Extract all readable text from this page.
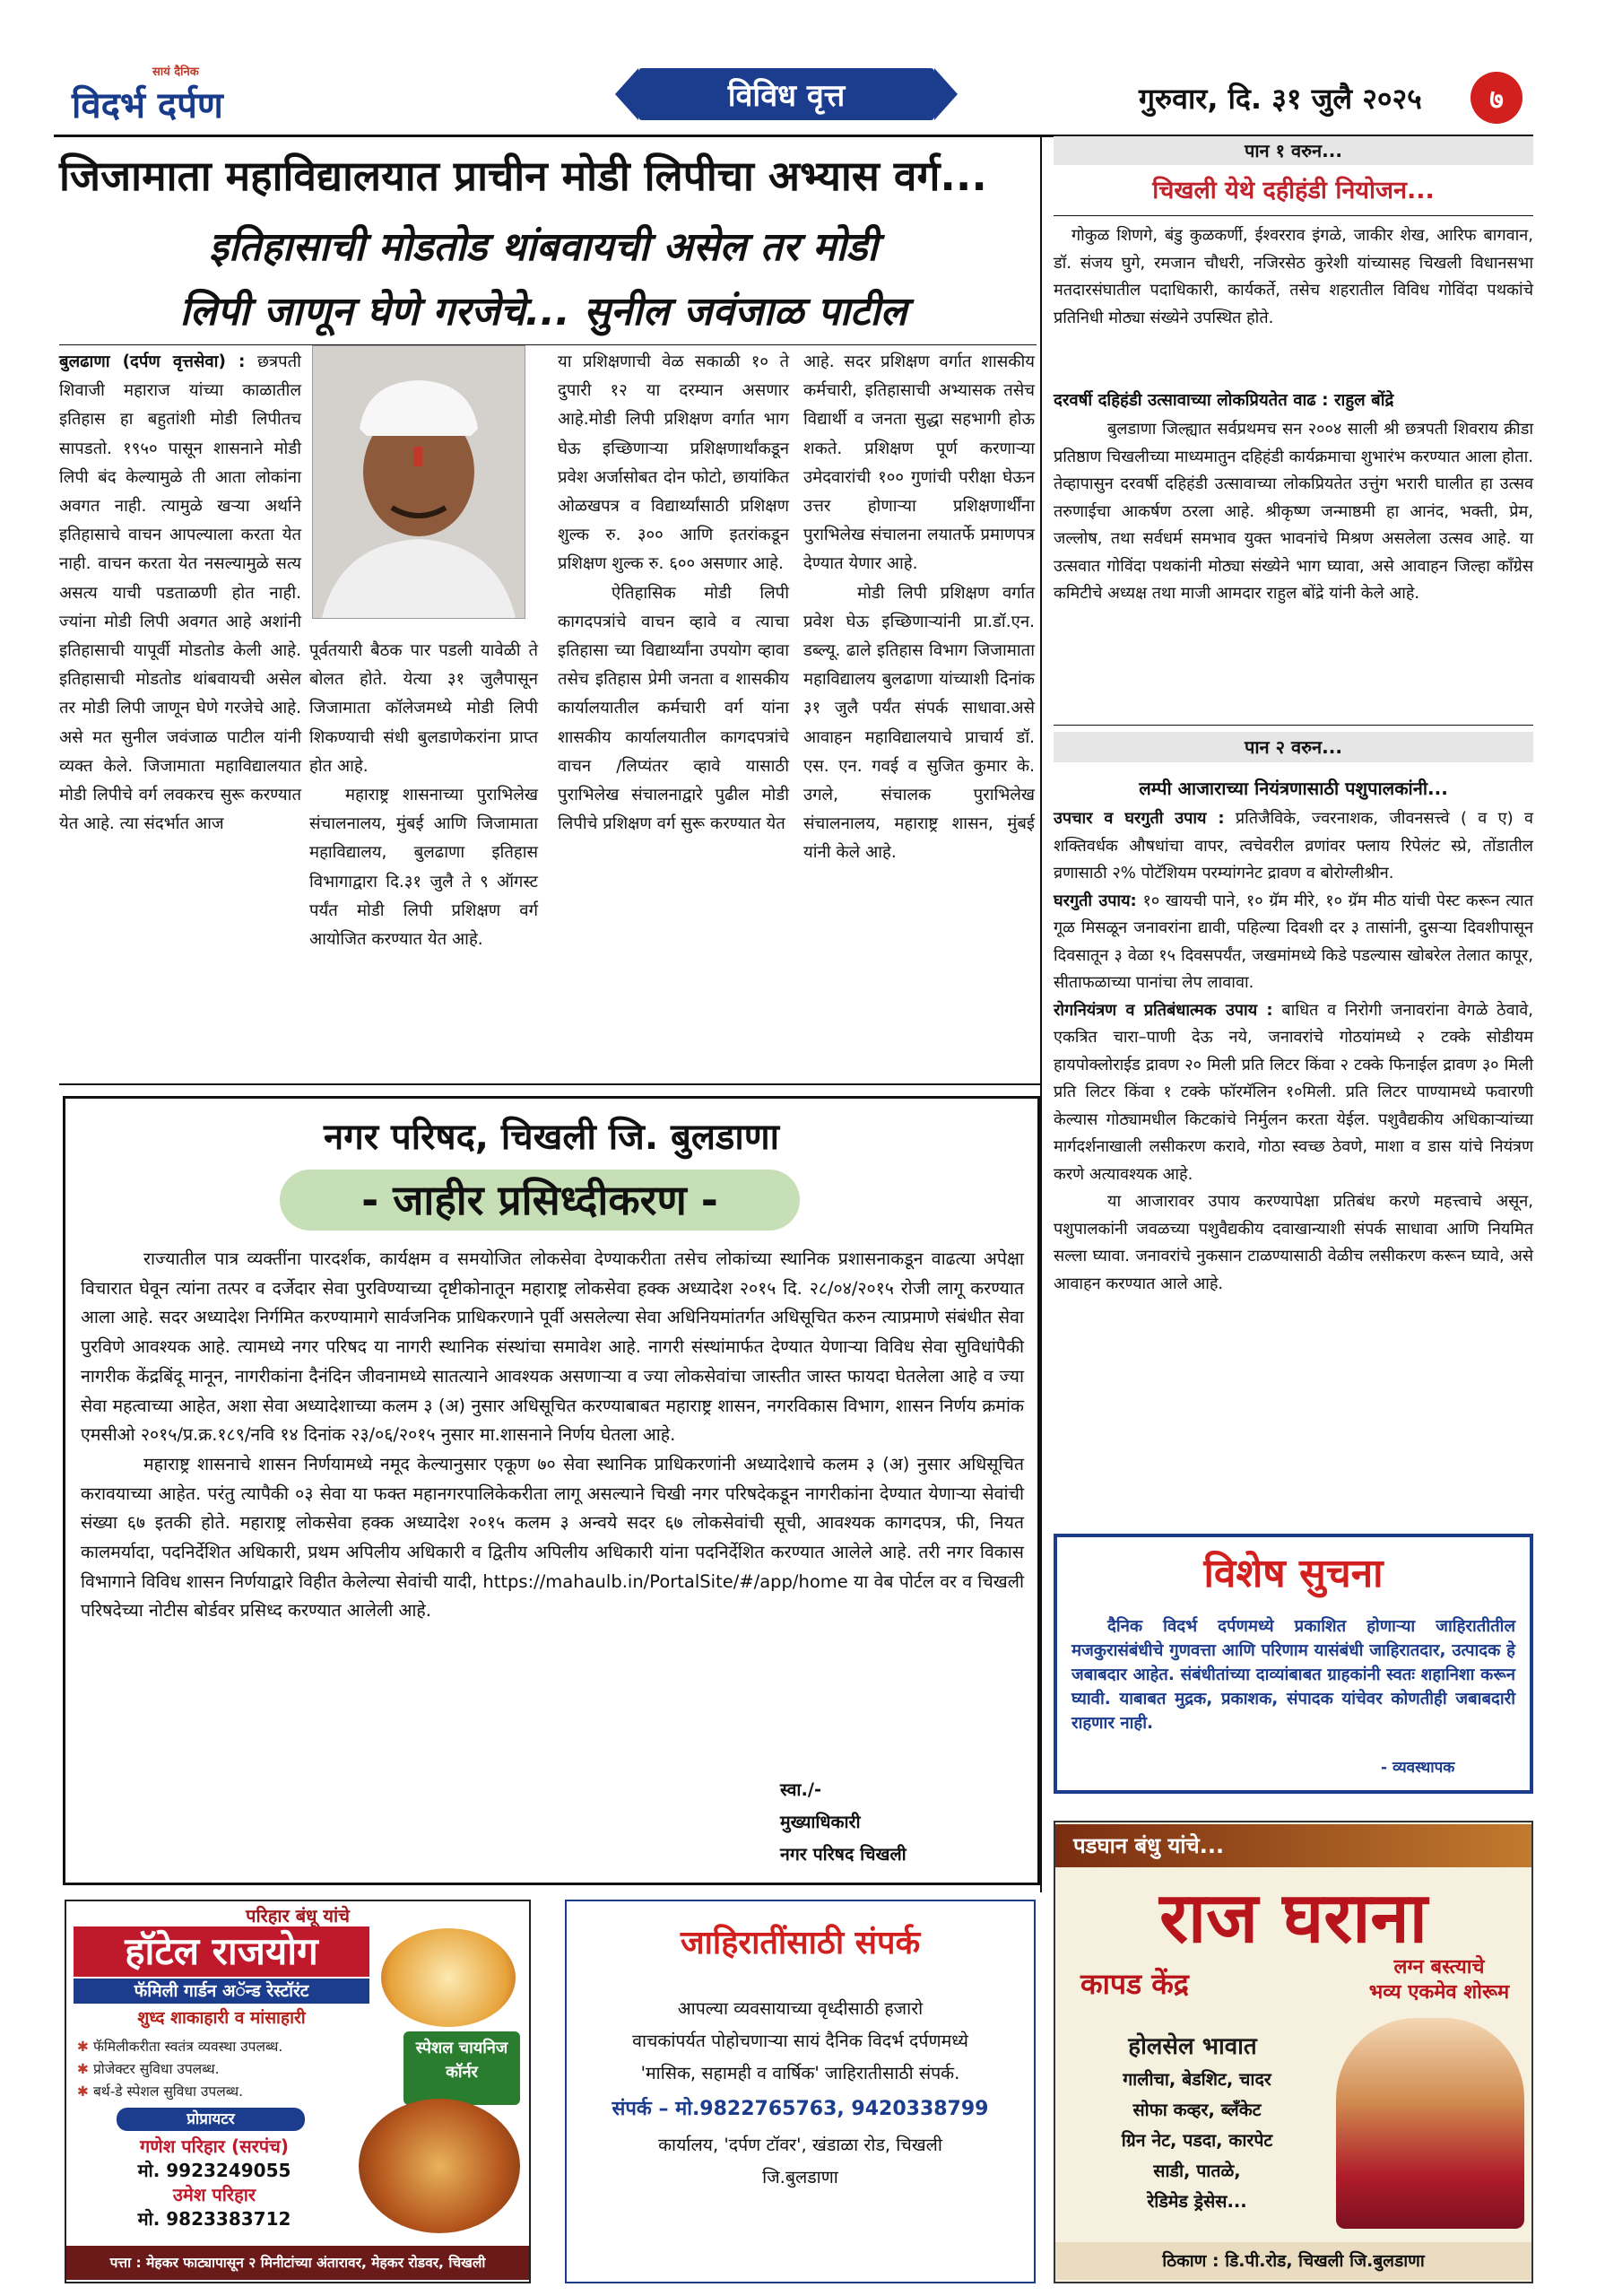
सायं दैनिक
विदर्भ दर्पण	विविध वृत्त	गुरुवार, दि. ३१ जुलै २०२५	७
जिजामाता महाविद्यालयात प्राचीन मोडी लिपीचा अभ्यास वर्ग...
इतिहासाची मोडतोड थांबवायची असेल तर मोडी
लिपी जाणून घेणे गरजेचे... सुनील जवंजाळ पाटील
बुलढाणा (दर्पण वृत्तसेवा) : छत्रपती शिवाजी महाराज यांच्या काळातील इतिहास हा बहुतांशी मोडी लिपीतच सापडतो. १९५० पासून शासनाने मोडी लिपी बंद केल्यामुळे ती आता लोकांना अवगत नाही. त्यामुळे खऱ्या अर्थाने इतिहासाचे वाचन आपल्याला करता येत नाही. वाचन करता येत नसल्यामुळे सत्य असत्य याची पडताळणी होत नाही. ज्यांना मोडी लिपी अवगत आहे अशांनी इतिहासाची यापूर्वी मोडतोड केली आहे. इतिहासाची मोडतोड थांबवायची असेल तर मोडी लिपी जाणून घेणे गरजेचे आहे. असे मत सुनील जवंजाळ पाटील यांनी व्यक्त केले. जिजामाता महाविद्यालयात मोडी लिपीचे वर्ग लवकरच सुरू करण्यात येत आहे. त्या संदर्भात आज
पूर्वतयारी बैठक पार पडली यावेळी ते बोलत होते. येत्या ३१ जुलैपासून जिजामाता कॉलेजमध्ये मोडी लिपी शिकण्याची संधी बुलडाणेकरांना प्राप्त होत आहे.
महाराष्ट्र शासनाच्या पुराभिलेख संचालनालय, मुंबई आणि जिजामाता महाविद्यालय, बुलढाणा इतिहास विभागाद्वारा दि.३१ जुलै ते ९ ऑगस्ट पर्यंत मोडी लिपी प्रशिक्षण वर्ग आयोजित करण्यात येत आहे.
या प्रशिक्षणाची वेळ सकाळी १० ते दुपारी १२ या दरम्यान असणार आहे.मोडी लिपी प्रशिक्षण वर्गात भाग घेऊ इच्छिणाऱ्या प्रशिक्षणार्थांकडून प्रवेश अर्जासोबत दोन फोटो, छायांकित ओळखपत्र व विद्यार्थ्यांसाठी प्रशिक्षण शुल्क रु. ३०० आणि इतरांकडून प्रशिक्षण शुल्क रु. ६०० असणार आहे.
ऐतिहासिक मोडी लिपी कागदपत्रांचे वाचन व्हावे व त्याचा इतिहासा च्या विद्यार्थ्यांना उपयोग व्हावा तसेच इतिहास प्रेमी जनता व शासकीय कार्यालयातील कर्मचारी वर्ग यांना शासकीय कार्यालयातील कागदपत्रांचे वाचन /लिप्यंतर व्हावे यासाठी पुराभिलेख संचालनाद्वारे पुढील मोडी लिपीचे प्रशिक्षण वर्ग सुरू करण्यात येत
आहे. सदर प्रशिक्षण वर्गात शासकीय कर्मचारी, इतिहासाची अभ्यासक तसेच विद्यार्थी व जनता सुद्धा सहभागी होऊ शकते. प्रशिक्षण पूर्ण करणाऱ्या उमेदवारांची १०० गुणांची परीक्षा घेऊन उत्तर होणाऱ्या प्रशिक्षणार्थींना पुराभिलेख संचालना लयातर्फे प्रमाणपत्र देण्यात येणार आहे.
मोडी लिपी प्रशिक्षण वर्गात प्रवेश घेऊ इच्छिणाऱ्यांनी प्रा.डॉ.एन. डब्ल्यू. ढाले इतिहास विभाग जिजामाता महाविद्यालय बुलढाणा यांच्याशी दिनांक ३१ जुलै पर्यंत संपर्क साधावा.असे आवाहन महाविद्यालयाचे प्राचार्य डॉ. एस. एन. गवई व सुजित कुमार के. उगले, संचालक पुराभिलेख संचालनालय, महाराष्ट्र शासन, मुंबई यांनी केले आहे.
नगर परिषद, चिखली जि. बुलडाणा
- जाहीर प्रसिध्दीकरण -

राज्यातील पात्र व्यक्तींना पारदर्शक, कार्यक्षम व समयोजित लोकसेवा देण्याकरीता तसेच लोकांच्या स्थानिक प्रशासनाकडून वाढत्या अपेक्षा विचारात घेवून त्यांना तत्पर व दर्जेदार सेवा पुरविण्याच्या दृष्टीकोनातून महाराष्ट्र लोकसेवा हक्क अध्यादेश २०१५ दि. २८/०४/२०१५ रोजी लागू करण्यात आला आहे. सदर अध्यादेश निर्गमित करण्यामागे सार्वजनिक प्राधिकरणाने पूर्वी असलेल्या सेवा अधिनियमांतर्गत अधिसूचित करुन त्याप्रमाणे संबंधीत सेवा पुरविणे आवश्यक आहे. त्यामध्ये नगर परिषद या नागरी स्थानिक संस्थांचा समावेश आहे. नागरी संस्थांमार्फत देण्यात येणाऱ्या विविध सेवा सुविधांपैकी नागरीक केंद्रबिंदू मानून, नागरीकांना दैनंदिन जीवनामध्ये सातत्याने आवश्यक असणाऱ्या व ज्या लोकसेवांचा जास्तीत जास्त फायदा घेतलेला आहे व ज्या सेवा महत्वाच्या आहेत, अशा सेवा अध्यादेशाच्या कलम ३ (अ) नुसार अधिसूचित करण्याबाबत महाराष्ट्र शासन, नगरविकास विभाग, शासन निर्णय क्रमांक एमसीओ २०१५/प्र.क्र.१८९/नवि १४ दिनांक २३/०६/२०१५ नुसार मा.शासनाने निर्णय घेतला आहे.

महाराष्ट्र शासनाचे शासन निर्णयामध्ये नमूद केल्यानुसार एकूण ७० सेवा स्थानिक प्राधिकरणांनी अध्यादेशाचे कलम ३ (अ) नुसार अधिसूचित करावयाच्या आहेत. परंतु त्यापैकी ०३ सेवा या फक्त महानगरपालिकेकरीता लागू असल्याने चिखी नगर परिषदेकडून नागरीकांना देण्यात येणाऱ्या सेवांची संख्या ६७ इतकी होते. महाराष्ट्र लोकसेवा हक्क अध्यादेश २०१५ कलम ३ अन्वये सदर ६७ लोकसेवांची सूची, आवश्यक कागदपत्र, फी, नियत कालमर्यादा, पदनिर्देशित अधिकारी, प्रथम अपिलीय अधिकारी व द्वितीय अपिलीय अधिकारी यांना पदनिर्देशित करण्यात आलेले आहे. तरी नगर विकास विभागाने विविध शासन निर्णयाद्वारे विहीत केलेल्या सेवांची यादी, https://mahaulb.in/PortalSite/#/app/home या वेब पोर्टल वर व चिखली परिषदेच्या नोटीस बोर्डवर प्रसिध्द करण्यात आलेली आहे.

स्वा./-
मुख्याधिकारी
नगर परिषद चिखली
पान १ वरुन...
चिखली येथे दहीहंडी नियोजन...
गोकुळ शिणगे, बंडु कुळकर्णी, ईश्वरराव इंगळे, जाकीर शेख, आरिफ बागवान, डॉ. संजय घुगे, रमजान चौधरी, नजिरसेठ कुरेशी यांच्यासह चिखली विधानसभा मतदारसंघातील पदाधिकारी, कार्यकर्ते, तसेच शहरातील विविध गोविंदा पथकांचे प्रतिनिधी मोठ्या संख्येने उपस्थित होते.
दरवर्षी दहिहंडी उत्सावाच्या लोकप्रियतेत वाढ : राहुल बोंद्रे
बुलडाणा जिल्ह्यात सर्वप्रथमच सन २००४ साली श्री छत्रपती शिवराय क्रीडा प्रतिष्ठाण चिखलीच्या माध्यमातुन दहिहंडी कार्यक्रमाचा शुभारंभ करण्यात आला होता. तेव्हापासुन दरवर्षी दहिहंडी उत्सावाच्या लोकप्रियतेत उत्तुंग भरारी घालीत हा उत्सव तरुणाईचा आकर्षण ठरला आहे. श्रीकृष्ण जन्माष्ठमी हा आनंद, भक्ती, प्रेम, जल्लोष, तथा सर्वधर्म समभाव युक्त भावनांचे मिश्रण असलेला उत्सव आहे. या उत्सवात गोविंदा पथकांनी मोठ्या संख्येने भाग घ्यावा, असे आवाहन जिल्हा कॉंग्रेस कमिटीचे अध्यक्ष तथा माजी आमदार राहुल बोंद्रे यांनी केले आहे.
पान २ वरुन...
लम्पी आजाराच्या नियंत्रणासाठी पशुपालकांनी...

उपचार व घरगुती उपाय : प्रतिजैविके, ज्वरनाशक, जीवनसत्त्वे ( व ए) व शक्तिवर्धक औषधांचा वापर, त्वचेवरील व्रणांवर फ्लाय रिपेलंट स्प्रे, तोंडातील व्रणासाठी २% पोटॅशियम परम्यांगनेट द्रावण व बोरोग्लीश्रीन.

घरगुती उपाय: १० खायची पाने, १० ग्रॅम मीरे, १० ग्रॅम मीठ यांची पेस्ट करून त्यात गूळ मिसळून जनावरांना द्यावी, पहिल्या दिवशी दर ३ तासांनी, दुसऱ्या दिवशीपासून दिवसातून ३ वेळा १५ दिवसपर्यंत, जखमांमध्ये किडे पडल्यास खोबरेल तेलात कापूर, सीताफळाच्या पानांचा लेप लावावा.

रोगनियंत्रण व प्रतिबंधात्मक उपाय : बाधित व निरोगी जनावरांना वेगळे ठेवावे, एकत्रित चारा–पाणी देऊ नये, जनावरांचे गोठयांमध्ये २ टक्के सोडीयम हायपोक्लोराईड द्रावण २० मिली प्रति लिटर किंवा २ टक्के फिनाईल द्रावण ३० मिली प्रति लिटर किंवा १ टक्के फॉरमॅलिन १०मिली. प्रति लिटर पाण्यामध्ये फवारणी केल्यास गोठ्यामधील किटकांचे निर्मुलन करता येईल. पशुवैद्यकीय अधिकाऱ्यांच्या मार्गदर्शनाखाली लसीकरण करावे, गोठा स्वच्छ ठेवणे, माशा व डास यांचे नियंत्रण करणे अत्यावश्यक आहे.

या आजारावर उपाय करण्यापेक्षा प्रतिबंध करणे महत्त्वाचे असून, पशुपालकांनी जवळच्या पशुवैद्यकीय दवाखान्याशी संपर्क साधावा आणि नियमित सल्ला घ्यावा. जनावरांचे नुकसान टाळण्यासाठी वेळीच लसीकरण करून घ्यावे, असे आवाहन करण्यात आले आहे.

विशेष सुचना
दैनिक विदर्भ दर्पणमध्ये प्रकाशित होणाऱ्या जाहिरातीतील मजकुरासंबंधीचे गुणवत्ता आणि परिणाम यासंबंधी जाहिरातदार, उत्पादक हे जबाबदार आहेत. संबंधीतांच्या दाव्यांबाबत ग्राहकांनी स्वतः शहानिशा करून घ्यावी. याबाबत मुद्रक, प्रकाशक, संपादक यांचेवर कोणतीही जबाबदारी राहणार नाही.
- व्यवस्थापक
परिहार बंधू यांचे
हॉटेल राजयोग
फॅमिली गार्डन अॅन्ड रेस्टॉरंट
शुध्द शाकाहारी व मांसाहारी
स्पेशल चायनिज कॉर्नर
✱ फॅमिलीकरीता स्वतंत्र व्यवस्था उपलब्ध.
✱ प्रोजेक्टर सुविधा उपलब्ध.
✱ बर्थ-डे स्पेशल सुविधा उपलब्ध.
प्रोप्रायटर
गणेश परिहार (सरपंच)
मो. 9923249055
उमेश परिहार
मो. 9823383712
पत्ता : मेहकर फाट्यापासून २ मिनीटांच्या अंतारावर, मेहकर रोडवर, चिखली
जाहिरातींसाठी संपर्क
आपल्या व्यवसायाच्या वृध्दीसाठी हजारो
वाचकांपर्यत पोहोचणाऱ्या सायं दैनिक विदर्भ दर्पणमध्ये
'मासिक, सहामही व वार्षिक' जाहिरातीसाठी संपर्क.
संपर्क – मो.9822765763, 9420338799
कार्यालय, 'दर्पण टॉवर', खंडाळा रोड, चिखली
जि.बुलडाणा
पडघान बंधु यांचे...
राज घराना
कापड केंद्र	लग्न बस्त्याचे
भव्य एकमेव शोरूम
होलसेल भावात
गालीचा, बेडशिट, चादर
सोफा कव्हर, ब्लँकेट
ग्रिन नेट, पडदा, कारपेट
साडी, पातळे,
रेडिमेड ड्रेसेस...
ठिकाण : डि.पी.रोड, चिखली जि.बुलडाणा
